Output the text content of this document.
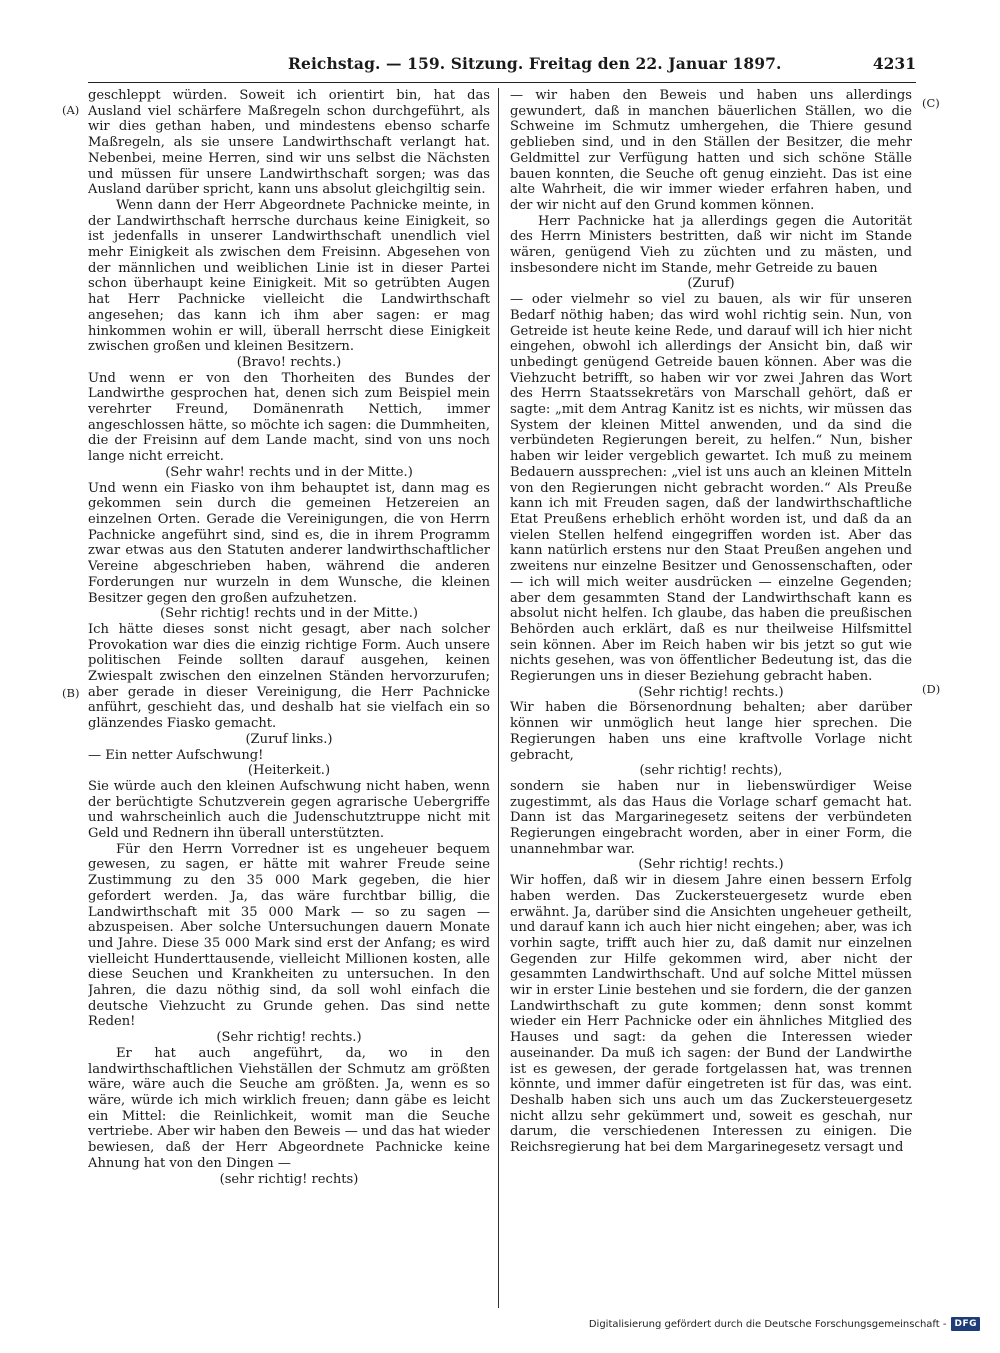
Reichstag. — 159. Sitzung. Freitag den 22. Januar 1897.	4231
(A)
(B)
(C)
(D)

geschleppt würden. Soweit ich orientirt bin, hat das Ausland viel schärfere Maßregeln schon durchgeführt, als wir dies gethan haben, und mindestens ebenso scharfe Maßregeln, als sie unsere Landwirthschaft verlangt hat. Nebenbei, meine Herren, sind wir uns selbst die Nächsten und müssen für unsere Landwirthschaft sorgen; was das Ausland darüber spricht, kann uns absolut gleichgiltig sein.

Wenn dann der Herr Abgeordnete Pachnicke meinte, in der Landwirthschaft herrsche durchaus keine Einigkeit, so ist jedenfalls in unserer Landwirthschaft unendlich viel mehr Einigkeit als zwischen dem Freisinn. Abgesehen von der männlichen und weiblichen Linie ist in dieser Partei schon überhaupt keine Einigkeit. Mit so getrübten Augen hat Herr Pachnicke vielleicht die Landwirthschaft angesehen; das kann ich ihm aber sagen: er mag hinkommen wohin er will, überall herrscht diese Einigkeit zwischen großen und kleinen Besitzern.

(Bravo! rechts.)

Und wenn er von den Thorheiten des Bundes der Landwirthe gesprochen hat, denen sich zum Beispiel mein verehrter Freund, Domänenrath Nettich, immer angeschlossen hätte, so möchte ich sagen: die Dummheiten, die der Freisinn auf dem Lande macht, sind von uns noch lange nicht erreicht.

(Sehr wahr! rechts und in der Mitte.)

Und wenn ein Fiasko von ihm behauptet ist, dann mag es gekommen sein durch die gemeinen Hetzereien an einzelnen Orten. Gerade die Vereinigungen, die von Herrn Pachnicke angeführt sind, sind es, die in ihrem Programm zwar etwas aus den Statuten anderer landwirthschaftlicher Vereine abgeschrieben haben, während die anderen Forderungen nur wurzeln in dem Wunsche, die kleinen Besitzer gegen den großen aufzuhetzen.

(Sehr richtig! rechts und in der Mitte.)

Ich hätte dieses sonst nicht gesagt, aber nach solcher Provokation war dies die einzig richtige Form. Auch unsere politischen Feinde sollten darauf ausgehen, keinen Zwiespalt zwischen den einzelnen Ständen hervorzurufen; aber gerade in dieser Vereinigung, die Herr Pachnicke anführt, geschieht das, und deshalb hat sie vielfach ein so glänzendes Fiasko gemacht.

(Zuruf links.)

— Ein netter Aufschwung!

(Heiterkeit.)

Sie würde auch den kleinen Aufschwung nicht haben, wenn der berüchtigte Schutzverein gegen agrarische Uebergriffe und wahrscheinlich auch die Judenschutztruppe nicht mit Geld und Rednern ihn überall unterstützten.

Für den Herrn Vorredner ist es ungeheuer bequem gewesen, zu sagen, er hätte mit wahrer Freude seine Zustimmung zu den 35 000 Mark gegeben, die hier gefordert werden. Ja, das wäre furchtbar billig, die Landwirthschaft mit 35 000 Mark — so zu sagen — abzuspeisen. Aber solche Untersuchungen dauern Monate und Jahre. Diese 35 000 Mark sind erst der Anfang; es wird vielleicht Hunderttausende, vielleicht Millionen kosten, alle diese Seuchen und Krankheiten zu untersuchen. In den Jahren, die dazu nöthig sind, da soll wohl einfach die deutsche Viehzucht zu Grunde gehen. Das sind nette Reden!

(Sehr richtig! rechts.)

Er hat auch angeführt, da, wo in den landwirthschaftlichen Viehställen der Schmutz am größten wäre, wäre auch die Seuche am größten. Ja, wenn es so wäre, würde ich mich wirklich freuen; dann gäbe es leicht ein Mittel: die Reinlichkeit, womit man die Seuche vertriebe. Aber wir haben den Beweis — und das hat wieder bewiesen, daß der Herr Abgeordnete Pachnicke keine Ahnung hat von den Dingen —

(sehr richtig! rechts)

— wir haben den Beweis und haben uns allerdings gewundert, daß in manchen bäuerlichen Ställen, wo die Schweine im Schmutz umhergehen, die Thiere gesund geblieben sind, und in den Ställen der Besitzer, die mehr Geldmittel zur Verfügung hatten und sich schöne Ställe bauen konnten, die Seuche oft genug einzieht. Das ist eine alte Wahrheit, die wir immer wieder erfahren haben, und der wir nicht auf den Grund kommen können.

Herr Pachnicke hat ja allerdings gegen die Autorität des Herrn Ministers bestritten, daß wir nicht im Stande wären, genügend Vieh zu züchten und zu mästen, und insbesondere nicht im Stande, mehr Getreide zu bauen

(Zuruf)

— oder vielmehr so viel zu bauen, als wir für unseren Bedarf nöthig haben; das wird wohl richtig sein. Nun, von Getreide ist heute keine Rede, und darauf will ich hier nicht eingehen, obwohl ich allerdings der Ansicht bin, daß wir unbedingt genügend Getreide bauen können. Aber was die Viehzucht betrifft, so haben wir vor zwei Jahren das Wort des Herrn Staatssekretärs von Marschall gehört, daß er sagte: „mit dem Antrag Kanitz ist es nichts, wir müssen das System der kleinen Mittel anwenden, und da sind die verbündeten Regierungen bereit, zu helfen.“ Nun, bisher haben wir leider vergeblich gewartet. Ich muß zu meinem Bedauern aussprechen: „viel ist uns auch an kleinen Mitteln von den Regierungen nicht gebracht worden.“ Als Preuße kann ich mit Freuden sagen, daß der landwirthschaftliche Etat Preußens erheblich erhöht worden ist, und daß da an vielen Stellen helfend eingegriffen worden ist. Aber das kann natürlich erstens nur den Staat Preußen angehen und zweitens nur einzelne Besitzer und Genossenschaften, oder — ich will mich weiter ausdrücken — einzelne Gegenden; aber dem gesammten Stand der Landwirthschaft kann es absolut nicht helfen. Ich glaube, das haben die preußischen Behörden auch erklärt, daß es nur theilweise Hilfsmittel sein können. Aber im Reich haben wir bis jetzt so gut wie nichts gesehen, was von öffentlicher Bedeutung ist, das die Regierungen uns in dieser Beziehung gebracht haben.

(Sehr richtig! rechts.)

Wir haben die Börsenordnung behalten; aber darüber können wir unmöglich heut lange hier sprechen. Die Regierungen haben uns eine kraftvolle Vorlage nicht gebracht,

(sehr richtig! rechts),

sondern sie haben nur in liebenswürdiger Weise zugestimmt, als das Haus die Vorlage scharf gemacht hat. Dann ist das Margarinegesetz seitens der verbündeten Regierungen eingebracht worden, aber in einer Form, die unannehmbar war.

(Sehr richtig! rechts.)

Wir hoffen, daß wir in diesem Jahre einen bessern Erfolg haben werden. Das Zuckersteuergesetz wurde eben erwähnt. Ja, darüber sind die Ansichten ungeheuer getheilt, und darauf kann ich auch hier nicht eingehen; aber, was ich vorhin sagte, trifft auch hier zu, daß damit nur einzelnen Gegenden zur Hilfe gekommen wird, aber nicht der gesammten Landwirthschaft. Und auf solche Mittel müssen wir in erster Linie bestehen und sie fordern, die der ganzen Landwirthschaft zu gute kommen; denn sonst kommt wieder ein Herr Pachnicke oder ein ähnliches Mitglied des Hauses und sagt: da gehen die Interessen wieder auseinander. Da muß ich sagen: der Bund der Landwirthe ist es gewesen, der gerade fortgelassen hat, was trennen könnte, und immer dafür eingetreten ist für das, was eint. Deshalb haben sich uns auch um das Zuckersteuergesetz nicht allzu sehr gekümmert und, soweit es geschah, nur darum, die verschiedenen Interessen zu einigen. Die Reichsregierung hat bei dem Margarinegesetz versagt und

Digitalisierung gefördert durch die Deutsche Forschungsgemeinschaft - DFG
